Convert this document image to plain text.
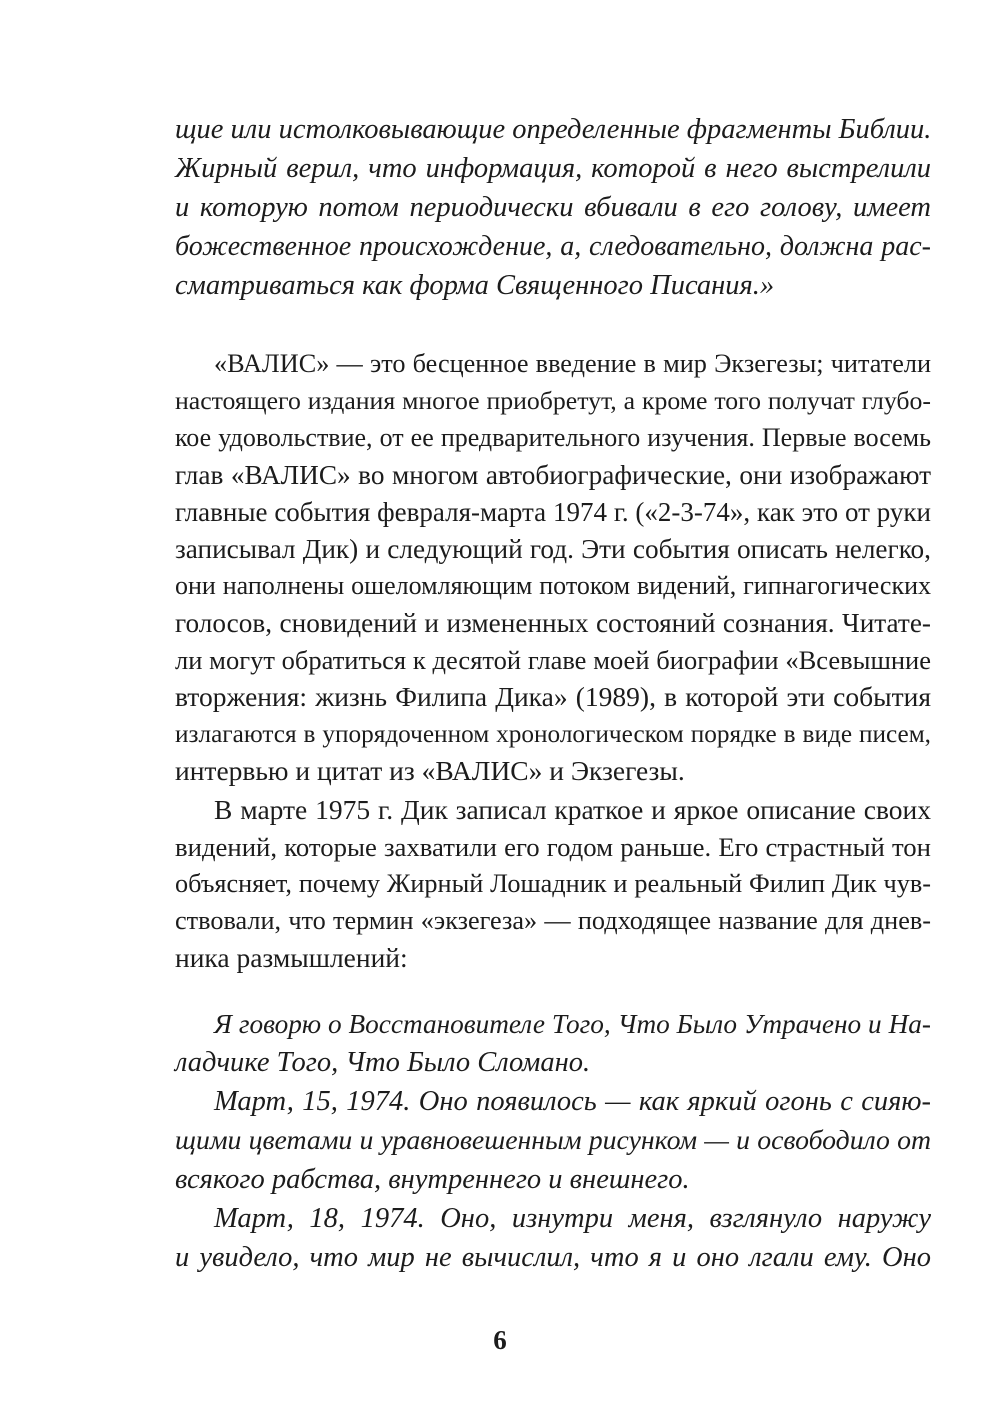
щие или истолковывающие определенные фрагменты Библии.
Жирный верил, что информация, которой в него выстрелили
и которую потом периодически вбивали в его голову, имеет
божественное происхождение, а, следовательно, должна рас-
сматриваться как форма Священного Писания.»
«ВАЛИС» — это бесценное введение в мир Экзегезы; читатели
настоящего издания многое приобретут, а кроме того получат глубо-
кое удовольствие, от ее предварительного изучения. Первые восемь
глав «ВАЛИС» во многом автобиографические, они изображают
главные события февраля-марта 1974 г. («2-3-74», как это от руки
записывал Дик) и следующий год. Эти события описать нелегко,
они наполнены ошеломляющим потоком видений, гипнагогических
голосов, сновидений и измененных состояний сознания. Читате-
ли могут обратиться к десятой главе моей биографии «Всевышние
вторжения: жизнь Филипа Дика» (1989), в которой эти события
излагаются в упорядоченном хронологическом порядке в виде писем,
интервью и цитат из «ВАЛИС» и Экзегезы.
В марте 1975 г. Дик записал краткое и яркое описание своих
видений, которые захватили его годом раньше. Его страстный тон
объясняет, почему Жирный Лошадник и реальный Филип Дик чув-
ствовали, что термин «экзегеза» — подходящее название для днев-
ника размышлений:
Я говорю о Восстановителе Того, Что Было Утрачено и На-
ладчике Того, Что Было Сломано.
Март, 15, 1974. Оно появилось — как яркий огонь с сияю-
щими цветами и уравновешенным рисунком — и освободило от
всякого рабства, внутреннего и внешнего.
Март, 18, 1974. Оно, изнутри меня, взглянуло наружу
и увидело, что мир не вычислил, что я и оно лгали ему. Оно
6
